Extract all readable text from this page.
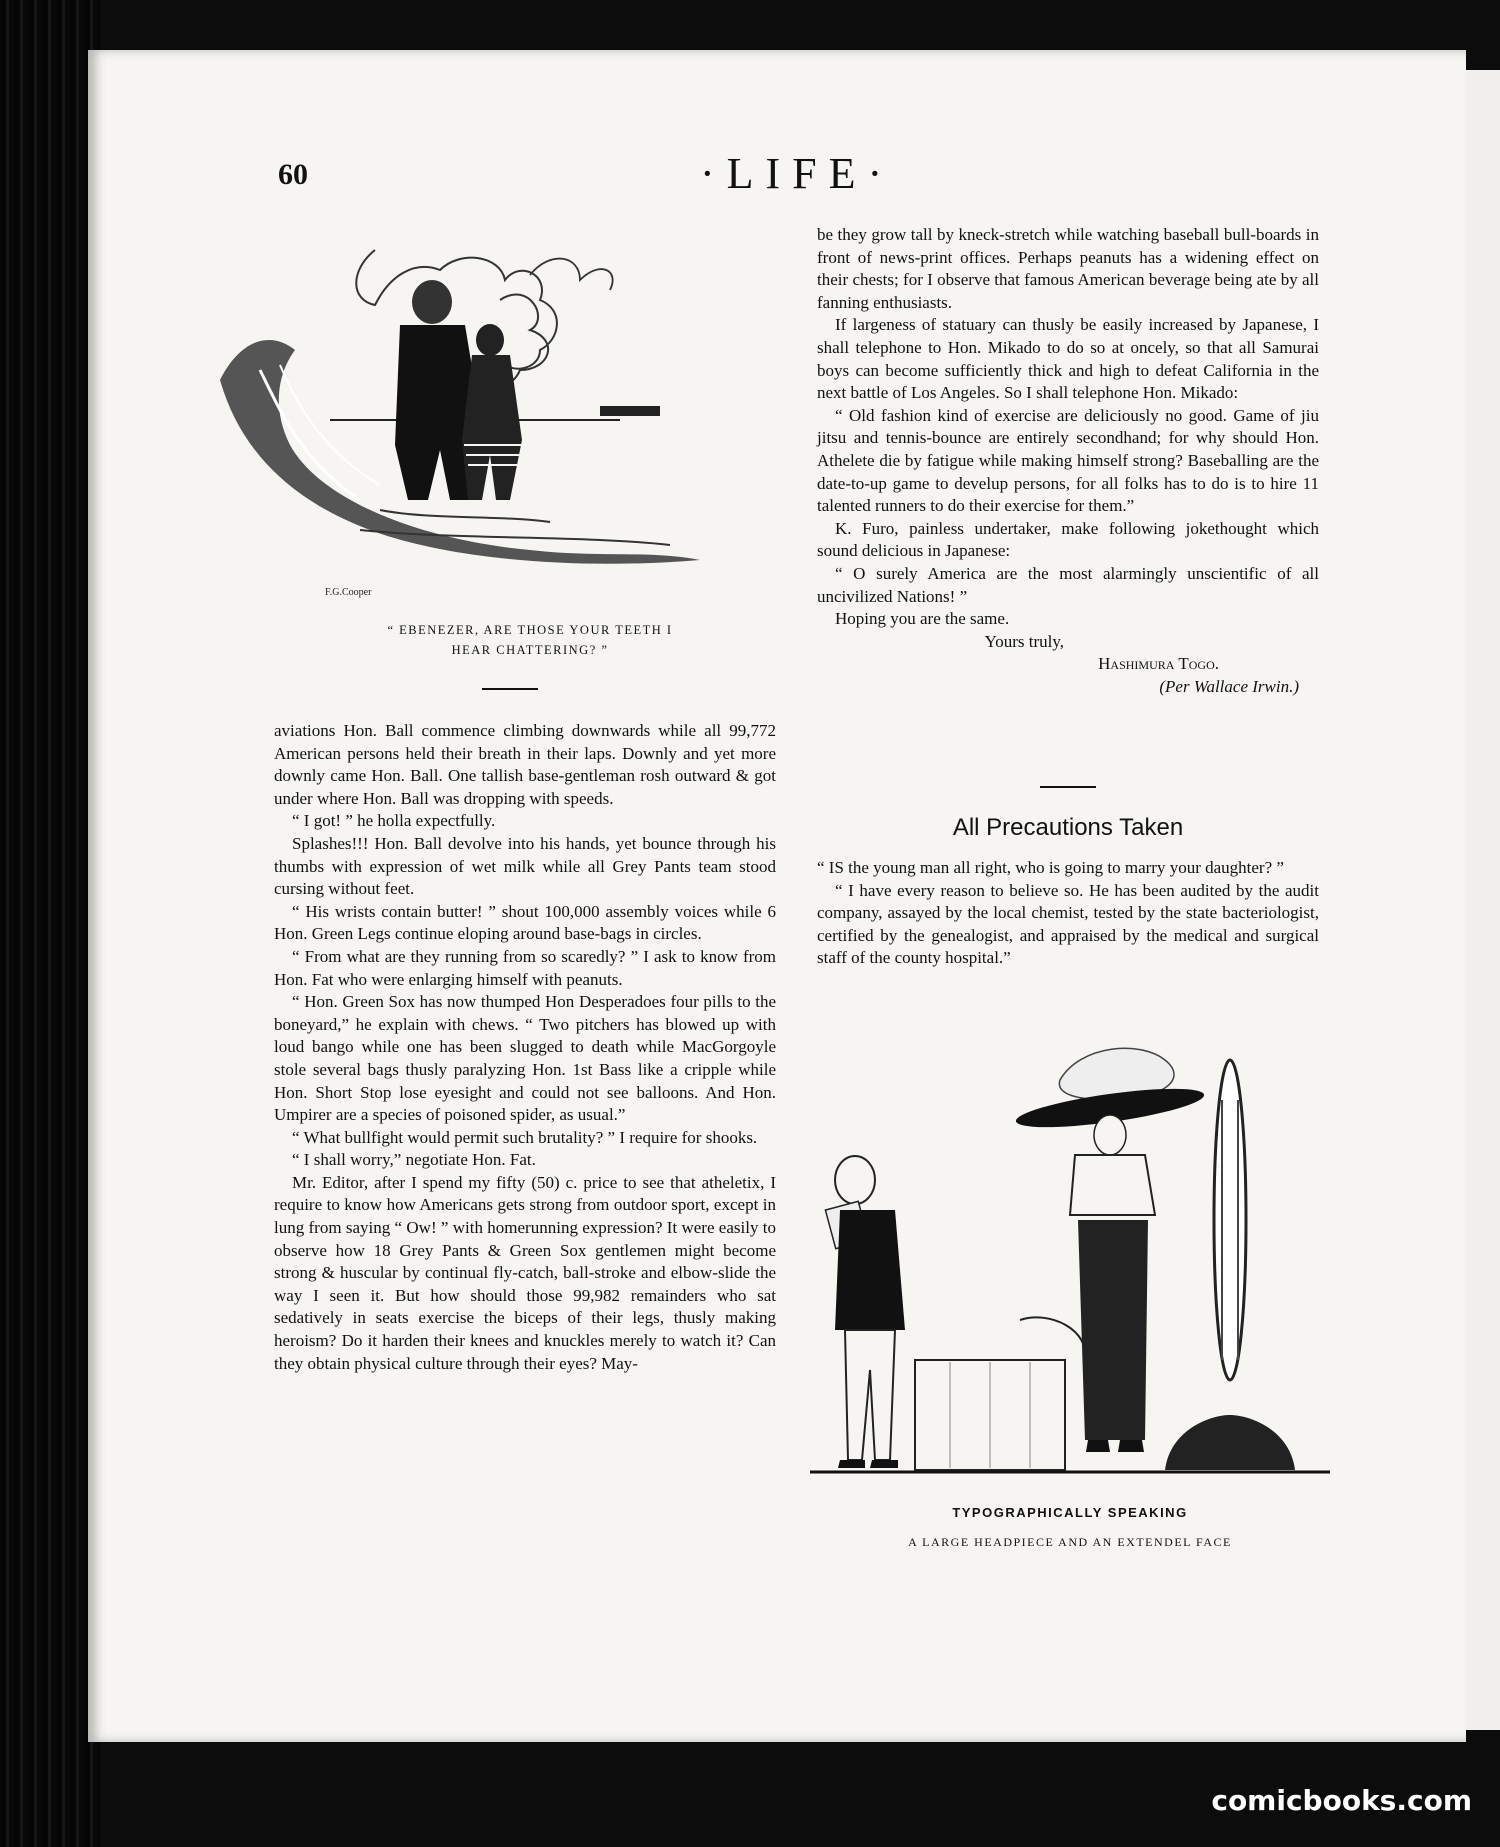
60	·LIFE·
F.G.Cooper
“ EBENEZER, ARE THOSE YOUR TEETH I
HEAR CHATTERING? ”

aviations Hon. Ball commence climbing downwards while all 99,772 American persons held their breath in their laps. Downly and yet more downly came Hon. Ball. One tallish base-gentleman rosh outward & got under where Hon. Ball was dropping with speeds.

“ I got! ” he holla expectfully.

Splashes!!! Hon. Ball devolve into his hands, yet bounce through his thumbs with expression of wet milk while all Grey Pants team stood cursing without feet.

“ His wrists contain butter! ” shout 100,000 assembly voices while 6 Hon. Green Legs continue eloping around base-bags in circles.

“ From what are they running from so scaredly? ” I ask to know from Hon. Fat who were enlarging himself with peanuts.

“ Hon. Green Sox has now thumped Hon Desperadoes four pills to the boneyard,” he explain with chews. “ Two pitchers has blowed up with loud bango while one has been slugged to death while MacGorgoyle stole several bags thusly paralyzing Hon. 1st Bass like a cripple while Hon. Short Stop lose eyesight and could not see balloons. And Hon. Umpirer are a species of poisoned spider, as usual.”

“ What bullfight would permit such brutality? ” I require for shooks.

“ I shall worry,” negotiate Hon. Fat.

Mr. Editor, after I spend my fifty (50) c. price to see that atheletix, I require to know how Americans gets strong from outdoor sport, except in lung from saying “ Ow! ” with homerunning expression? It were easily to observe how 18 Grey Pants & Green Sox gentlemen might become strong & huscular by continual fly-catch, ball-stroke and elbow-slide the way I seen it. But how should those 99,982 remainders who sat sedatively in seats exercise the biceps of their legs, thusly making heroism? Do it harden their knees and knuckles merely to watch it? Can they obtain physical culture through their eyes? May-

be they grow tall by kneck-stretch while watching baseball bull-boards in front of news-print offices. Perhaps peanuts has a widening effect on their chests; for I observe that famous American beverage being ate by all fanning enthusiasts.

If largeness of statuary can thusly be easily increased by Japanese, I shall telephone to Hon. Mikado to do so at oncely, so that all Samurai boys can become sufficiently thick and high to defeat California in the next battle of Los Angeles. So I shall telephone Hon. Mikado:

“ Old fashion kind of exercise are deliciously no good. Game of jiu jitsu and tennis-bounce are entirely secondhand; for why should Hon. Athelete die by fatigue while making himself strong? Baseballing are the date-to-up game to develup persons, for all folks has to do is to hire 11 talented runners to do their exercise for them.”

K. Furo, painless undertaker, make following jokethought which sound delicious in Japanese:

“ O surely America are the most alarmingly unscientific of all uncivilized Nations! ”

Hoping you are the same.

Yours truly,
Hashimura Togo.
(Per Wallace Irwin.)
All Precautions Taken

“ IS the young man all right, who is going to marry your daughter? ”

“ I have every reason to believe so. He has been audited by the audit company, assayed by the local chemist, tested by the state bacteriologist, certified by the genealogist, and appraised by the medical and surgical staff of the county hospital.”

TYPOGRAPHICALLY SPEAKING
A LARGE HEADPIECE AND AN EXTENDEL FACE
comicbooks.com
